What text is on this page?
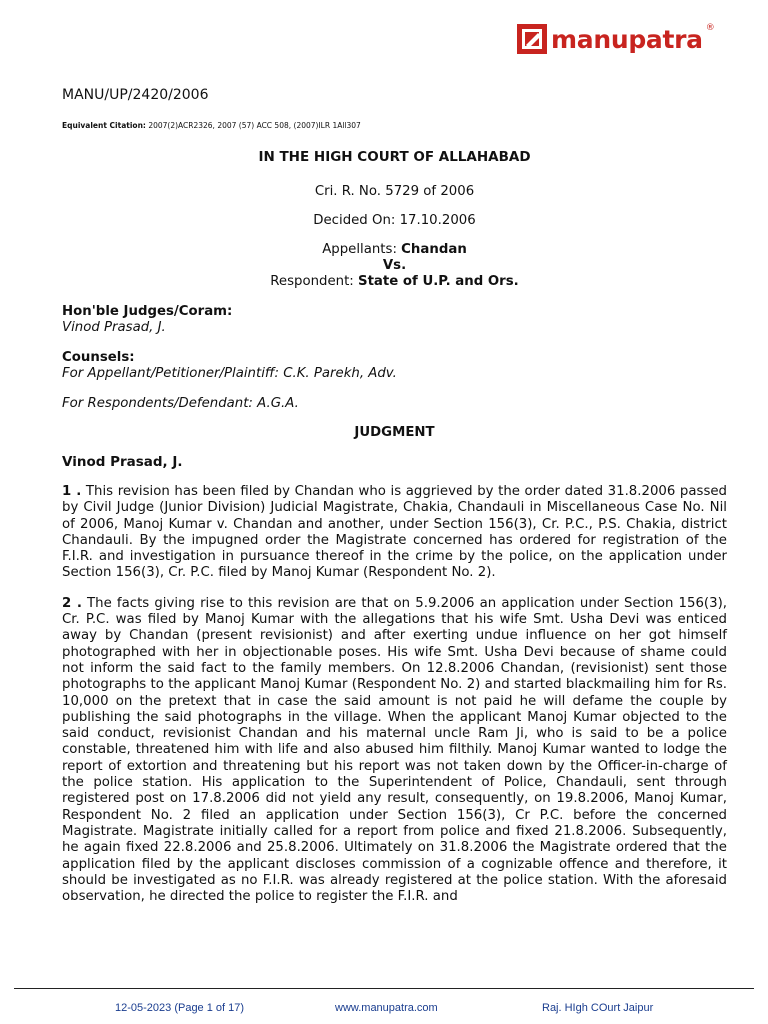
manupatra ®
MANU/UP/2420/2006
Equivalent Citation: 2007(2)ACR2326, 2007 (57) ACC 508, (2007)ILR 1All307
IN THE HIGH COURT OF ALLAHABAD
Cri. R. No. 5729 of 2006
Decided On: 17.10.2006
Appellants: Chandan
Vs.
Respondent: State of U.P. and Ors.
Hon'ble Judges/Coram:
Vinod Prasad, J.
Counsels:
For Appellant/Petitioner/Plaintiff: C.K. Parekh, Adv.
For Respondents/Defendant: A.G.A.
JUDGMENT
Vinod Prasad, J.

1 . This revision has been filed by Chandan who is aggrieved by the order dated 31.8.2006 passed by Civil Judge (Junior Division) Judicial Magistrate, Chakia, Chandauli in Miscellaneous Case No. Nil of 2006, Manoj Kumar v. Chandan and another, under Section 156(3), Cr. P.C., P.S. Chakia, district Chandauli. By the impugned order the Magistrate concerned has ordered for registration of the F.I.R. and investigation in pursuance thereof in the crime by the police, on the application under Section 156(3), Cr. P.C. filed by Manoj Kumar (Respondent No. 2).

2 . The facts giving rise to this revision are that on 5.9.2006 an application under Section 156(3), Cr. P.C. was filed by Manoj Kumar with the allegations that his wife Smt. Usha Devi was enticed away by Chandan (present revisionist) and after exerting undue influence on her got himself photographed with her in objectionable poses. His wife Smt. Usha Devi because of shame could not inform the said fact to the family members. On 12.8.2006 Chandan, (revisionist) sent those photographs to the applicant Manoj Kumar (Respondent No. 2) and started blackmailing him for Rs. 10,000 on the pretext that in case the said amount is not paid he will defame the couple by publishing the said photographs in the village. When the applicant Manoj Kumar objected to the said conduct, revisionist Chandan and his maternal uncle Ram Ji, who is said to be a police constable, threatened him with life and also abused him filthily. Manoj Kumar wanted to lodge the report of extortion and threatening but his report was not taken down by the Officer-in-charge of the police station. His application to the Superintendent of Police, Chandauli, sent through registered post on 17.8.2006 did not yield any result, consequently, on 19.8.2006, Manoj Kumar, Respondent No. 2 filed an application under Section 156(3), Cr P.C. before the concerned Magistrate. Magistrate initially called for a report from police and fixed 21.8.2006. Subsequently, he again fixed 22.8.2006 and 25.8.2006. Ultimately on 31.8.2006 the Magistrate ordered that the application filed by the applicant discloses commission of a cognizable offence and therefore, it should be investigated as no F.I.R. was already registered at the police station. With the aforesaid observation, he directed the police to register the F.I.R. and

12-05-2023 (Page 1 of 17)	www.manupatra.com	Raj. HIgh COurt Jaipur
